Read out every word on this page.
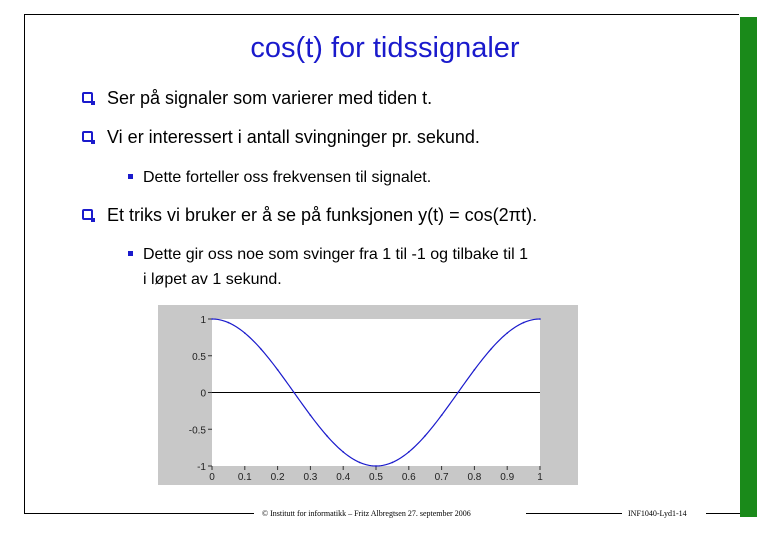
cos(t) for tidssignaler
Ser på signaler som varierer med tiden t.
Vi er interessert i antall svingninger pr. sekund.
Dette forteller oss frekvensen til signalet.
Et triks vi bruker er å se på funksjonen y(t) = cos(2πt).
Dette gir oss noe som svinger fra 1 til -1 og tilbake til 1
i løpet av 1 sekund.
1
0.5
0
-0.5
-1
0 0.1 0.2 0.3 0.4 0.5 0.6 0.7 0.8 0.9 1
© Institutt for informatikk – Fritz Albregtsen 27. september 2006	INF1040-Lyd1-14
